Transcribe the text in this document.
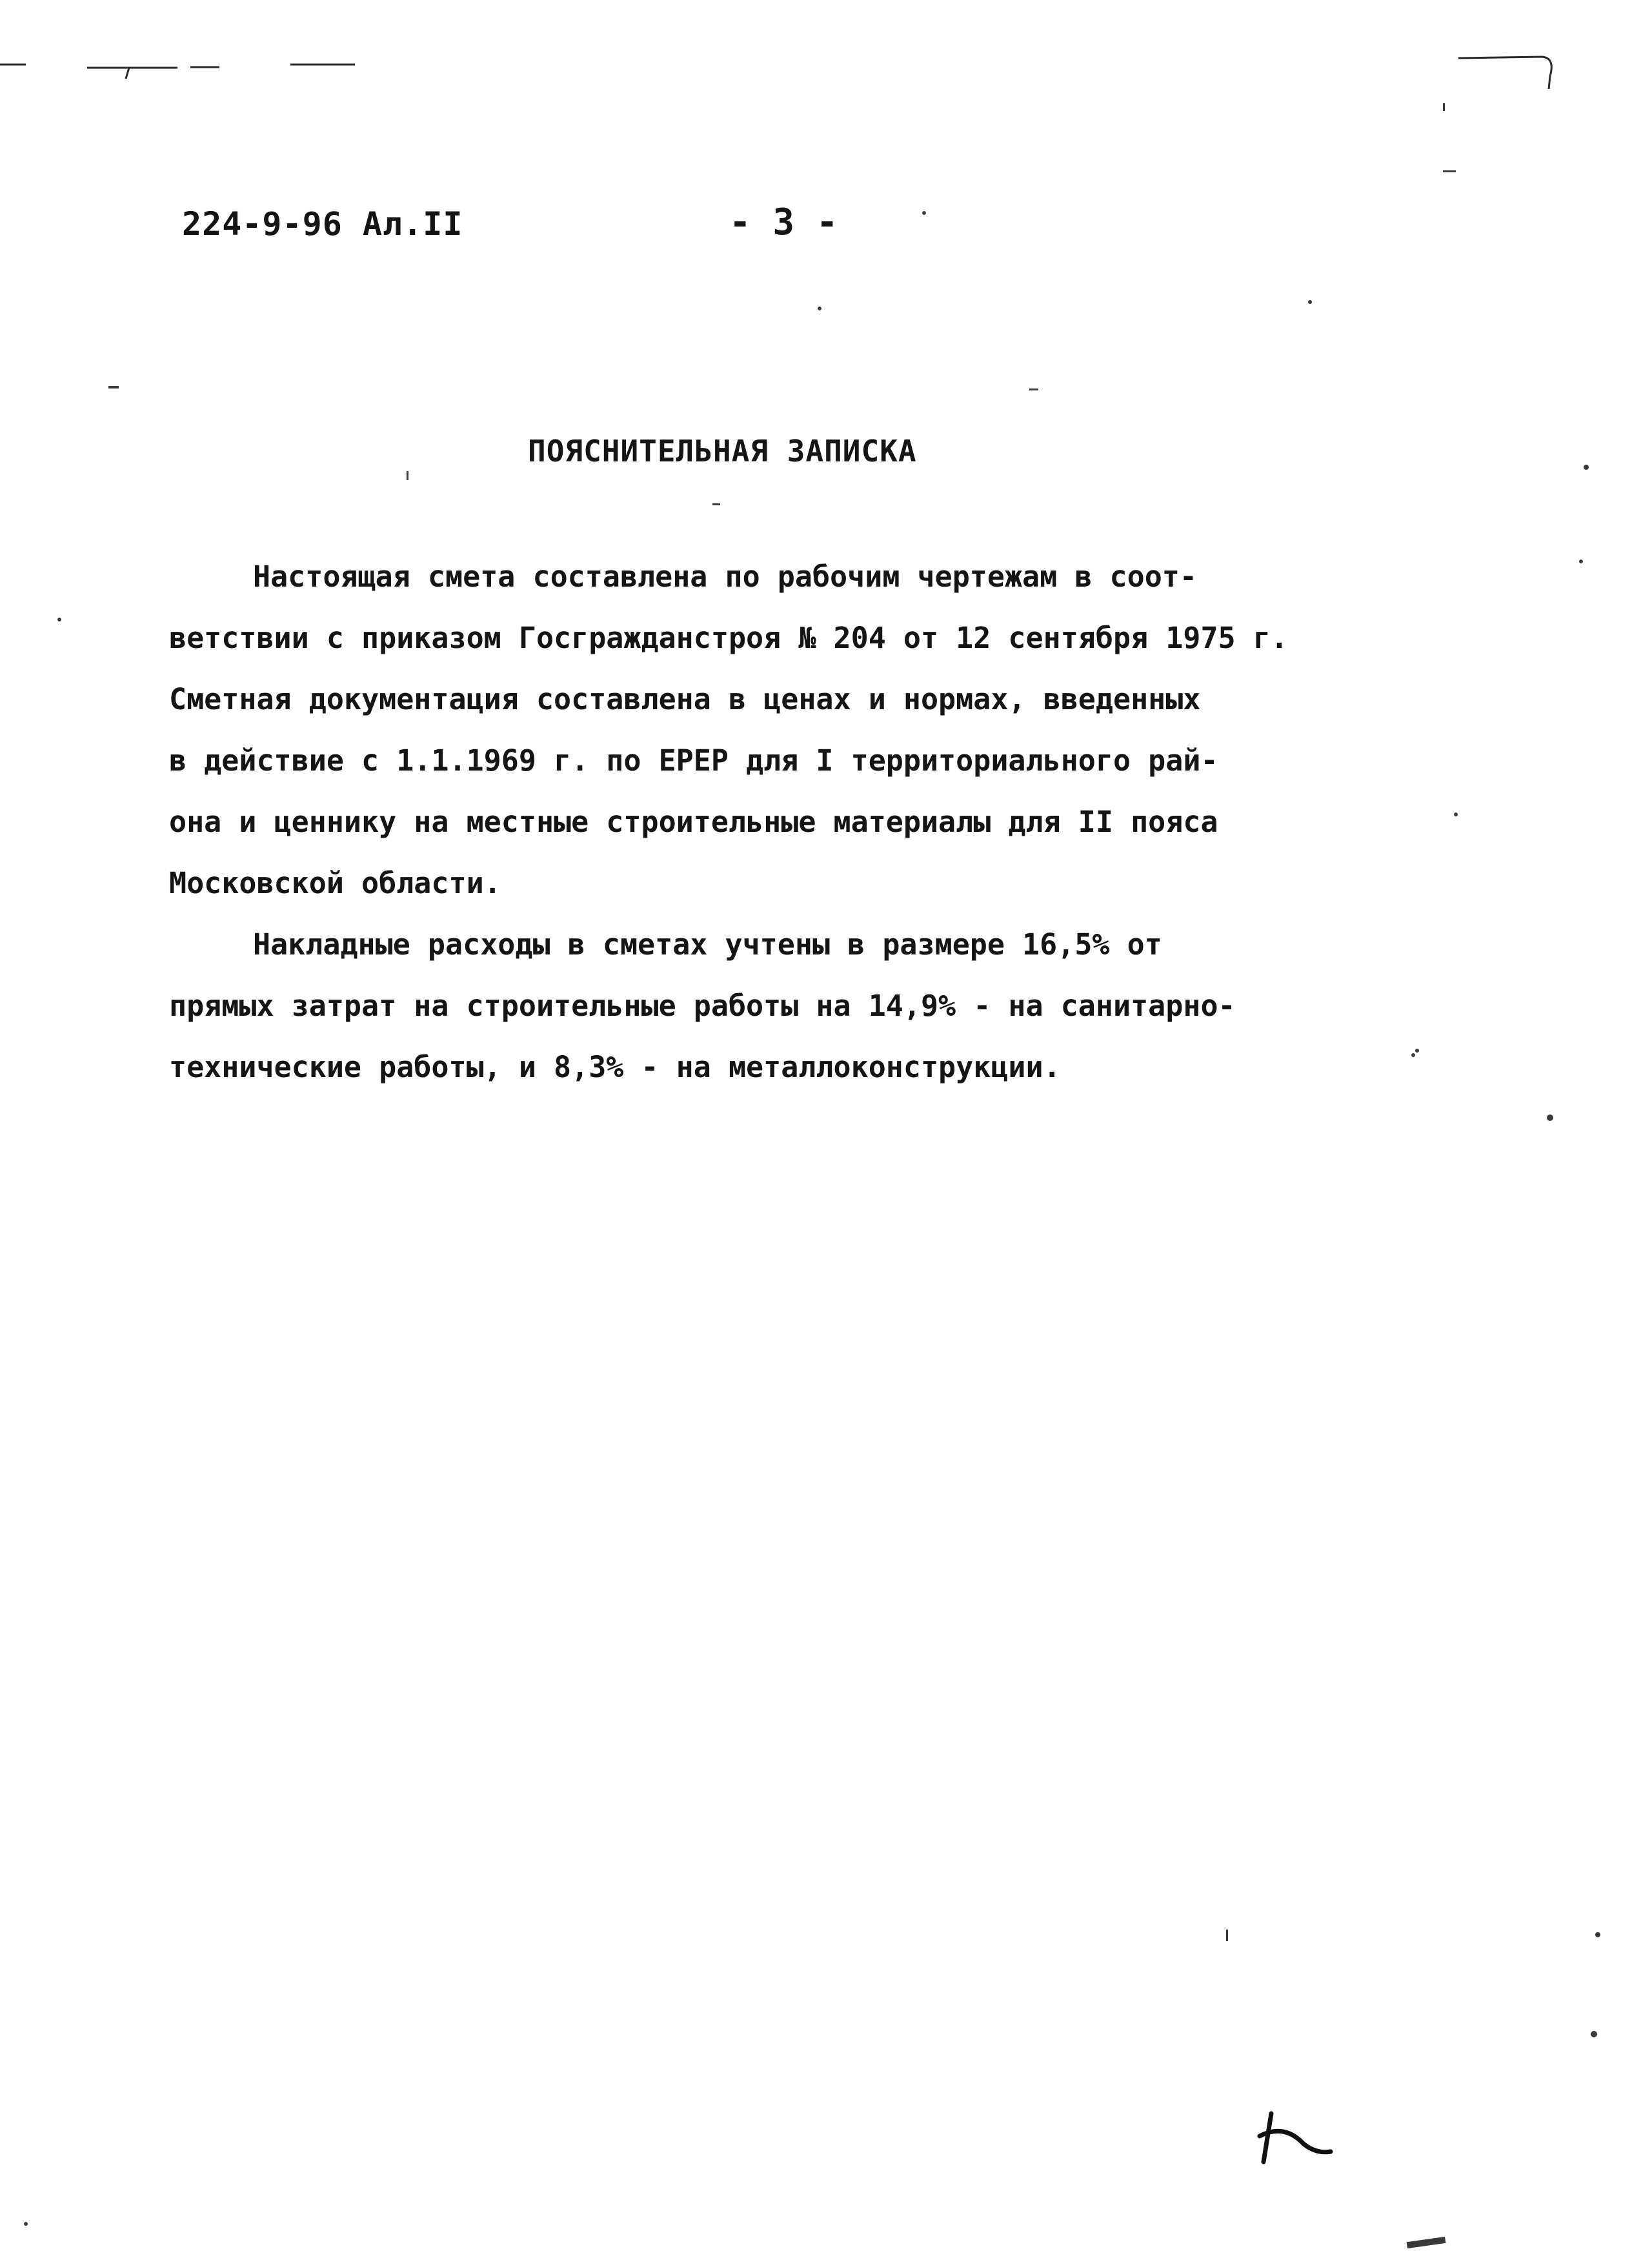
224-9-96 Ал.II	- 3 -
ПОЯСНИТЕЛЬНАЯ ЗАПИСКА

Настоящая смета составлена по рабочим чертежам в соот-
ветствии с приказом Госгражданстроя № 204 от 12 сентября 1975 г.
Сметная документация составлена в ценах и нормах, введенных
в действие с 1.1.1969 г. по ЕРЕР для I территориального рай-
она и ценнику на местные строительные материалы для II пояса
Московской области.

Накладные расходы в сметах учтены в размере 16,5% от
прямых затрат на строительные работы на 14,9% - на санитарно-
технические работы, и 8,3% - на металлоконструкции.
